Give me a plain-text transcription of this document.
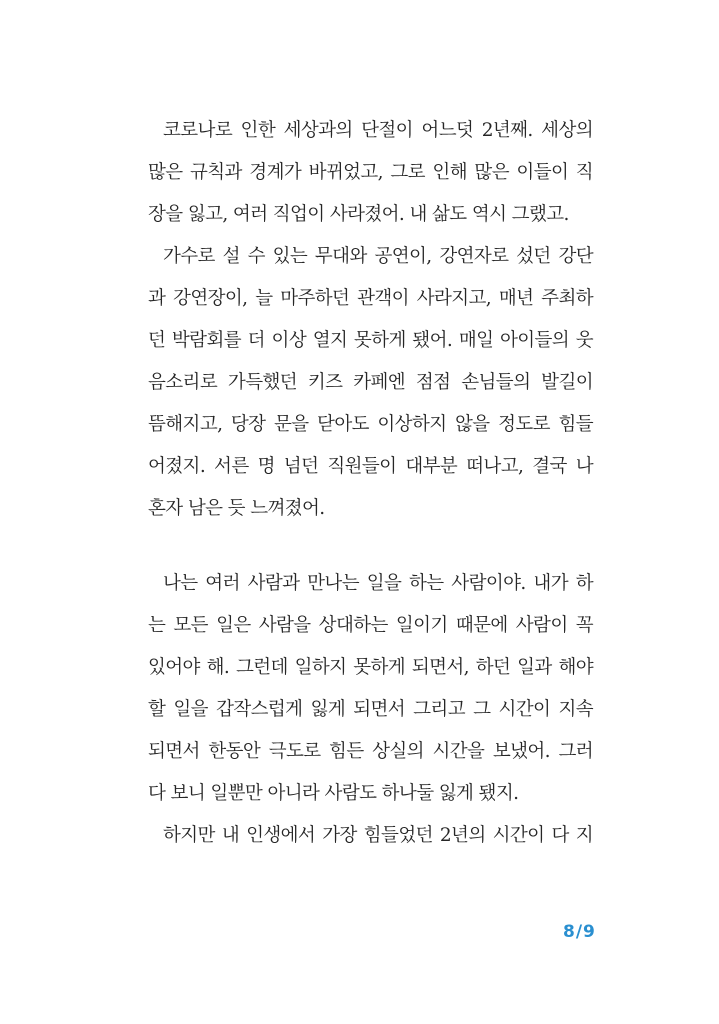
코로나로 인한 세상과의 단절이 어느덧 2년째. 세상의
많은 규칙과 경계가 바뀌었고, 그로 인해 많은 이들이 직
장을 잃고, 여러 직업이 사라졌어. 내 삶도 역시 그랬고.
가수로 설 수 있는 무대와 공연이, 강연자로 섰던 강단
과 강연장이, 늘 마주하던 관객이 사라지고, 매년 주최하
던 박람회를 더 이상 열지 못하게 됐어. 매일 아이들의 웃
음소리로 가득했던 키즈 카페엔 점점 손님들의 발길이
뜸해지고, 당장 문을 닫아도 이상하지 않을 정도로 힘들
어졌지. 서른 명 넘던 직원들이 대부분 떠나고, 결국 나
혼자 남은 듯 느껴졌어.
나는 여러 사람과 만나는 일을 하는 사람이야. 내가 하
는 모든 일은 사람을 상대하는 일이기 때문에 사람이 꼭
있어야 해. 그런데 일하지 못하게 되면서, 하던 일과 해야
할 일을 갑작스럽게 잃게 되면서 그리고 그 시간이 지속
되면서 한동안 극도로 힘든 상실의 시간을 보냈어. 그러
다 보니 일뿐만 아니라 사람도 하나둘 잃게 됐지.
하지만 내 인생에서 가장 힘들었던 2년의 시간이 다 지
8/9
